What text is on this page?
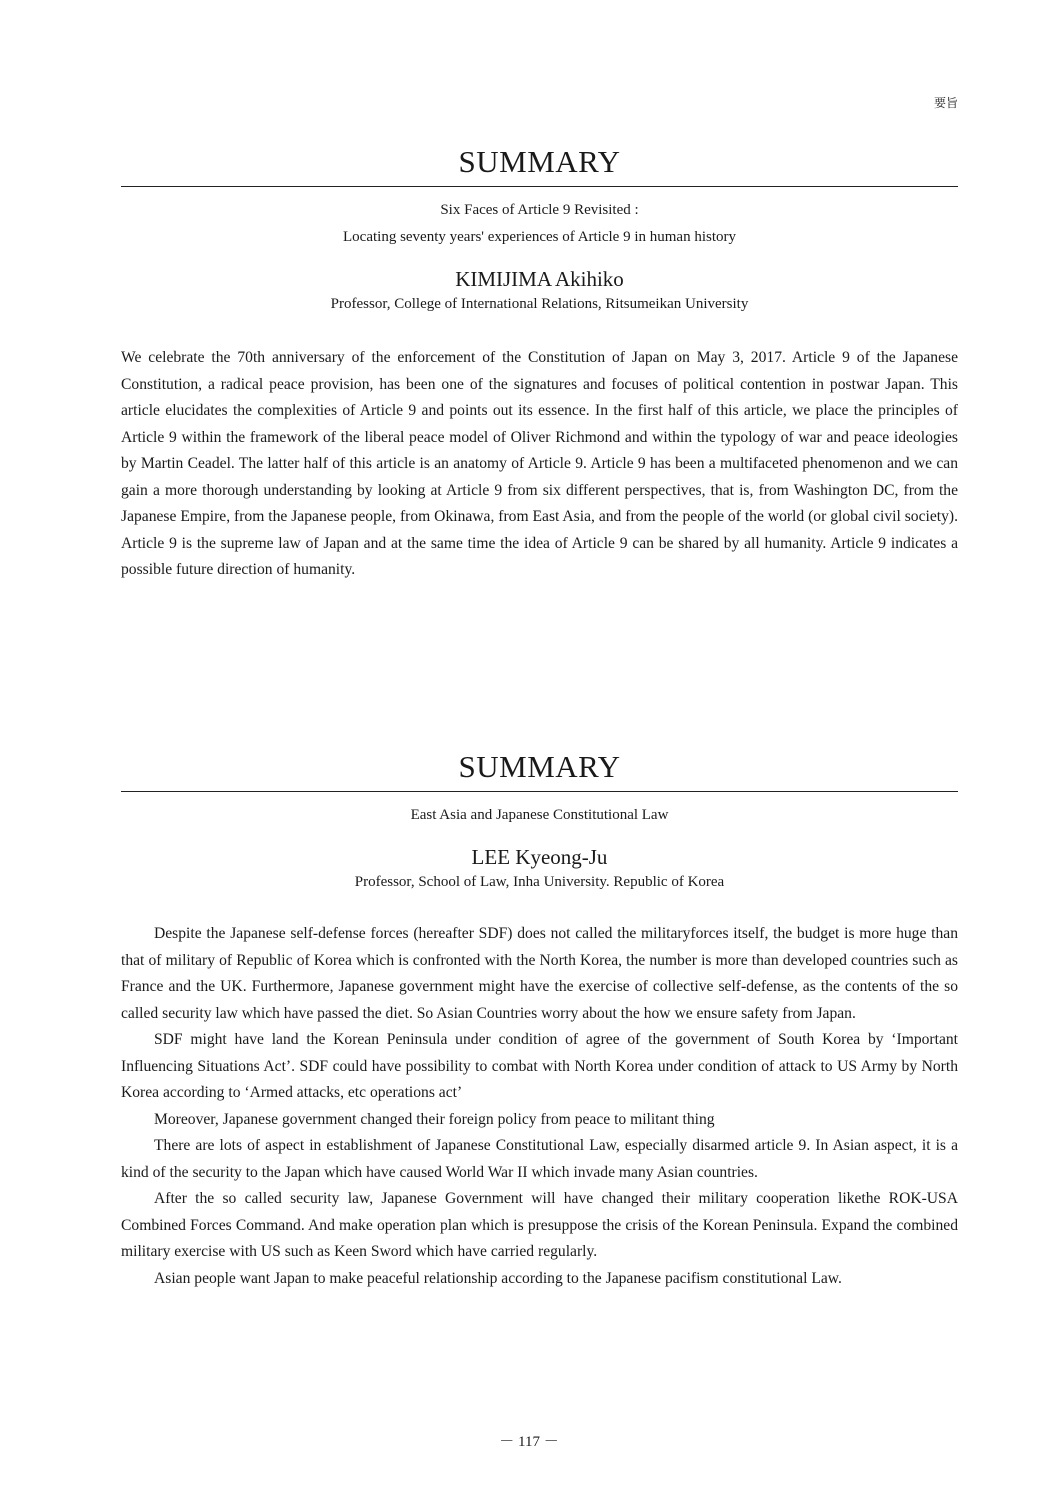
要旨
SUMMARY
Six Faces of Article 9 Revisited :
Locating seventy years' experiences of Article 9 in human history
KIMIJIMA Akihiko
Professor, College of International Relations, Ritsumeikan University

We celebrate the 70th anniversary of the enforcement of the Constitution of Japan on May 3, 2017. Article 9 of the Japanese Constitution, a radical peace provision, has been one of the signatures and focuses of political contention in postwar Japan. This article elucidates the complexities of Article 9 and points out its essence. In the first half of this article, we place the principles of Article 9 within the framework of the liberal peace model of Oliver Richmond and within the typology of war and peace ideologies by Martin Ceadel. The latter half of this article is an anatomy of Article 9. Article 9 has been a multifaceted phenomenon and we can gain a more thorough understanding by looking at Article 9 from six different perspectives, that is, from Washington DC, from the Japanese Empire, from the Japanese people, from Okinawa, from East Asia, and from the people of the world (or global civil society). Article 9 is the supreme law of Japan and at the same time the idea of Article 9 can be shared by all humanity. Article 9 indicates a possible future direction of humanity.

SUMMARY
East Asia and Japanese Constitutional Law
LEE Kyeong-Ju
Professor, School of Law, Inha University. Republic of Korea

Despite the Japanese self-defense forces (hereafter SDF) does not called the militaryforces itself, the budget is more huge than that of military of Republic of Korea which is confronted with the North Korea, the number is more than developed countries such as France and the UK. Furthermore, Japanese government might have the exercise of collective self-defense, as the contents of the so called security law which have passed the diet. So Asian Countries worry about the how we ensure safety from Japan.

SDF might have land the Korean Peninsula under condition of agree of the government of South Korea by ‘Important Influencing Situations Act’. SDF could have possibility to combat with North Korea under condition of attack to US Army by North Korea according to ‘Armed attacks, etc operations act’

Moreover, Japanese government changed their foreign policy from peace to militant thing

There are lots of aspect in establishment of Japanese Constitutional Law, especially disarmed article 9. In Asian aspect, it is a kind of the security to the Japan which have caused World War II which invade many Asian countries.

After the so called security law, Japanese Government will have changed their military cooperation likethe ROK-USA Combined Forces Command. And make operation plan which is presuppose the crisis of the Korean Peninsula. Expand the combined military exercise with US such as Keen Sword which have carried regularly.

Asian people want Japan to make peaceful relationship according to the Japanese pacifism constitutional Law.

－ 117 －
